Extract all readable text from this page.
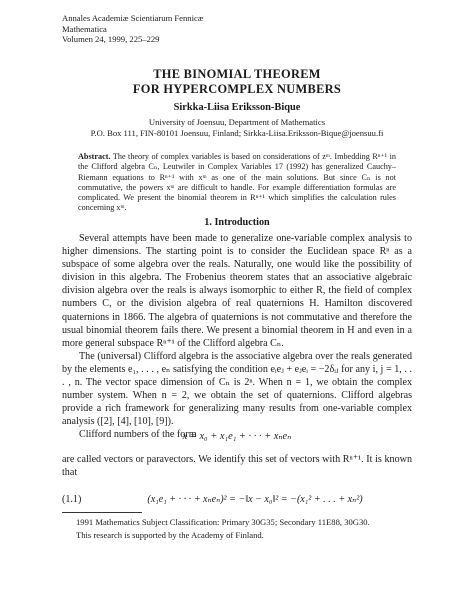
Annales Academiæ Scientiarum Fennicæ
Mathematica
Volumen 24, 1999, 225–229
THE BINOMIAL THEOREM
FOR HYPERCOMPLEX NUMBERS
Sirkka-Liisa Eriksson-Bique
University of Joensuu, Department of Mathematics
P.O. Box 111, FIN-80101 Joensuu, Finland; Sirkka-Liisa.Eriksson-Bique@joensuu.fi
Abstract. The theory of complex variables is based on considerations of zᵐ. Imbedding Rⁿ⁺¹ in the Clifford algebra Cₙ, Leutwiler in Complex Variables 17 (1992) has generalized Cauchy–Riemann equations to Rⁿ⁺¹ with xᵐ as one of the main solutions. But since Cₙ is not commutative, the powers xᵐ are difficult to handle. For example differentiation formulas are complicated. We present the binomial theorem in Rⁿ⁺¹ which simplifies the calculation rules concerning xᵐ.
1. Introduction

Several attempts have been made to generalize one-variable complex analysis to higher dimensions. The starting point is to consider the Euclidean space Rⁿ as a subspace of some algebra over the reals. Naturally, one would like the possibility of division in this algebra. The Frobenius theorem states that an associative algebraic division algebra over the reals is always isomorphic to either R, the field of complex numbers C, or the division algebra of real quaternions H. Hamilton discovered quaternions in 1866. The algebra of quaternions is not commutative and therefore the usual binomial theorem fails there. We present a binomial theorem in H and even in a more general subspace Rⁿ⁺¹ of the Clifford algebra Cₙ.

The (universal) Clifford algebra is the associative algebra over the reals generated by the elements e₁, . . . , eₙ satisfying the condition eᵢeⱼ + eⱼeᵢ = −2δᵢⱼ for any i, j = 1, . . . , n. The vector space dimension of Cₙ is 2ⁿ. When n = 1, we obtain the complex number system. When n = 2, we obtain the set of quaternions. Clifford algebras provide a rich framework for generalizing many results from one-variable complex analysis ([2], [4], [10], [9]).

Clifford numbers of the form

x = x₀ + x₁e₁ + · · · + xₙeₙ
are called vectors or paravectors. We identify this set of vectors with Rⁿ⁺¹. It is known that
(1.1)	(x₁e₁ + · · · + xₙeₙ)² = −‖x − x₀‖² = −(x₁² + . . . + xₙ²)
1991 Mathematics Subject Classification: Primary 30G35; Secondary 11E88, 30G30.
This research is supported by the Academy of Finland.
